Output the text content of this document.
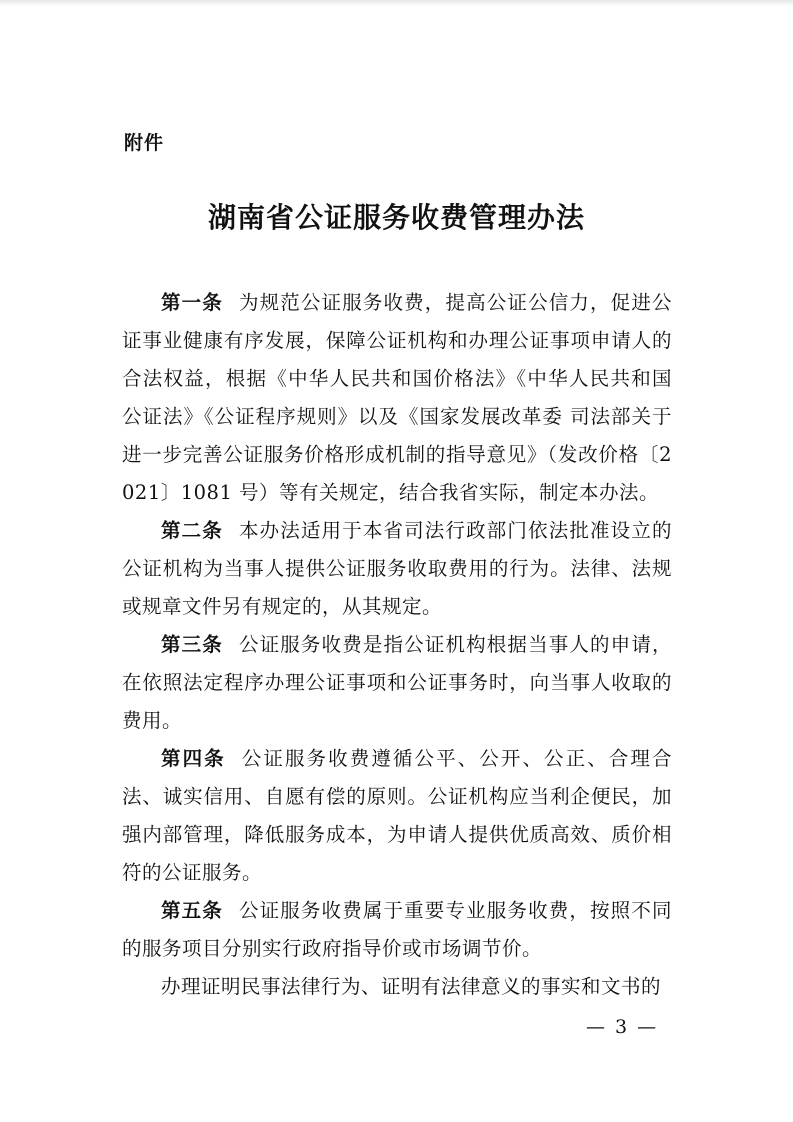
附件
湖南省公证服务收费管理办法

第一条 为规范公证服务收费，提高公证公信力，促进公证事业健康有序发展，保障公证机构和办理公证事项申请人的合法权益，根据《中华人民共和国价格法》《中华人民共和国公证法》《公证程序规则》以及《国家发展改革委 司法部关于进一步完善公证服务价格形成机制的指导意见》（发改价格〔2021〕1081 号）等有关规定，结合我省实际，制定本办法。

第二条 本办法适用于本省司法行政部门依法批准设立的公证机构为当事人提供公证服务收取费用的行为。法律、法规或规章文件另有规定的，从其规定。

第三条 公证服务收费是指公证机构根据当事人的申请，在依照法定程序办理公证事项和公证事务时，向当事人收取的费用。

第四条 公证服务收费遵循公平、公开、公正、合理合法、诚实信用、自愿有偿的原则。公证机构应当利企便民，加强内部管理，降低服务成本，为申请人提供优质高效、质价相符的公证服务。

第五条 公证服务收费属于重要专业服务收费，按照不同的服务项目分别实行政府指导价或市场调节价。

办理证明民事法律行为、证明有法律意义的事实和文书的

— 3 —
